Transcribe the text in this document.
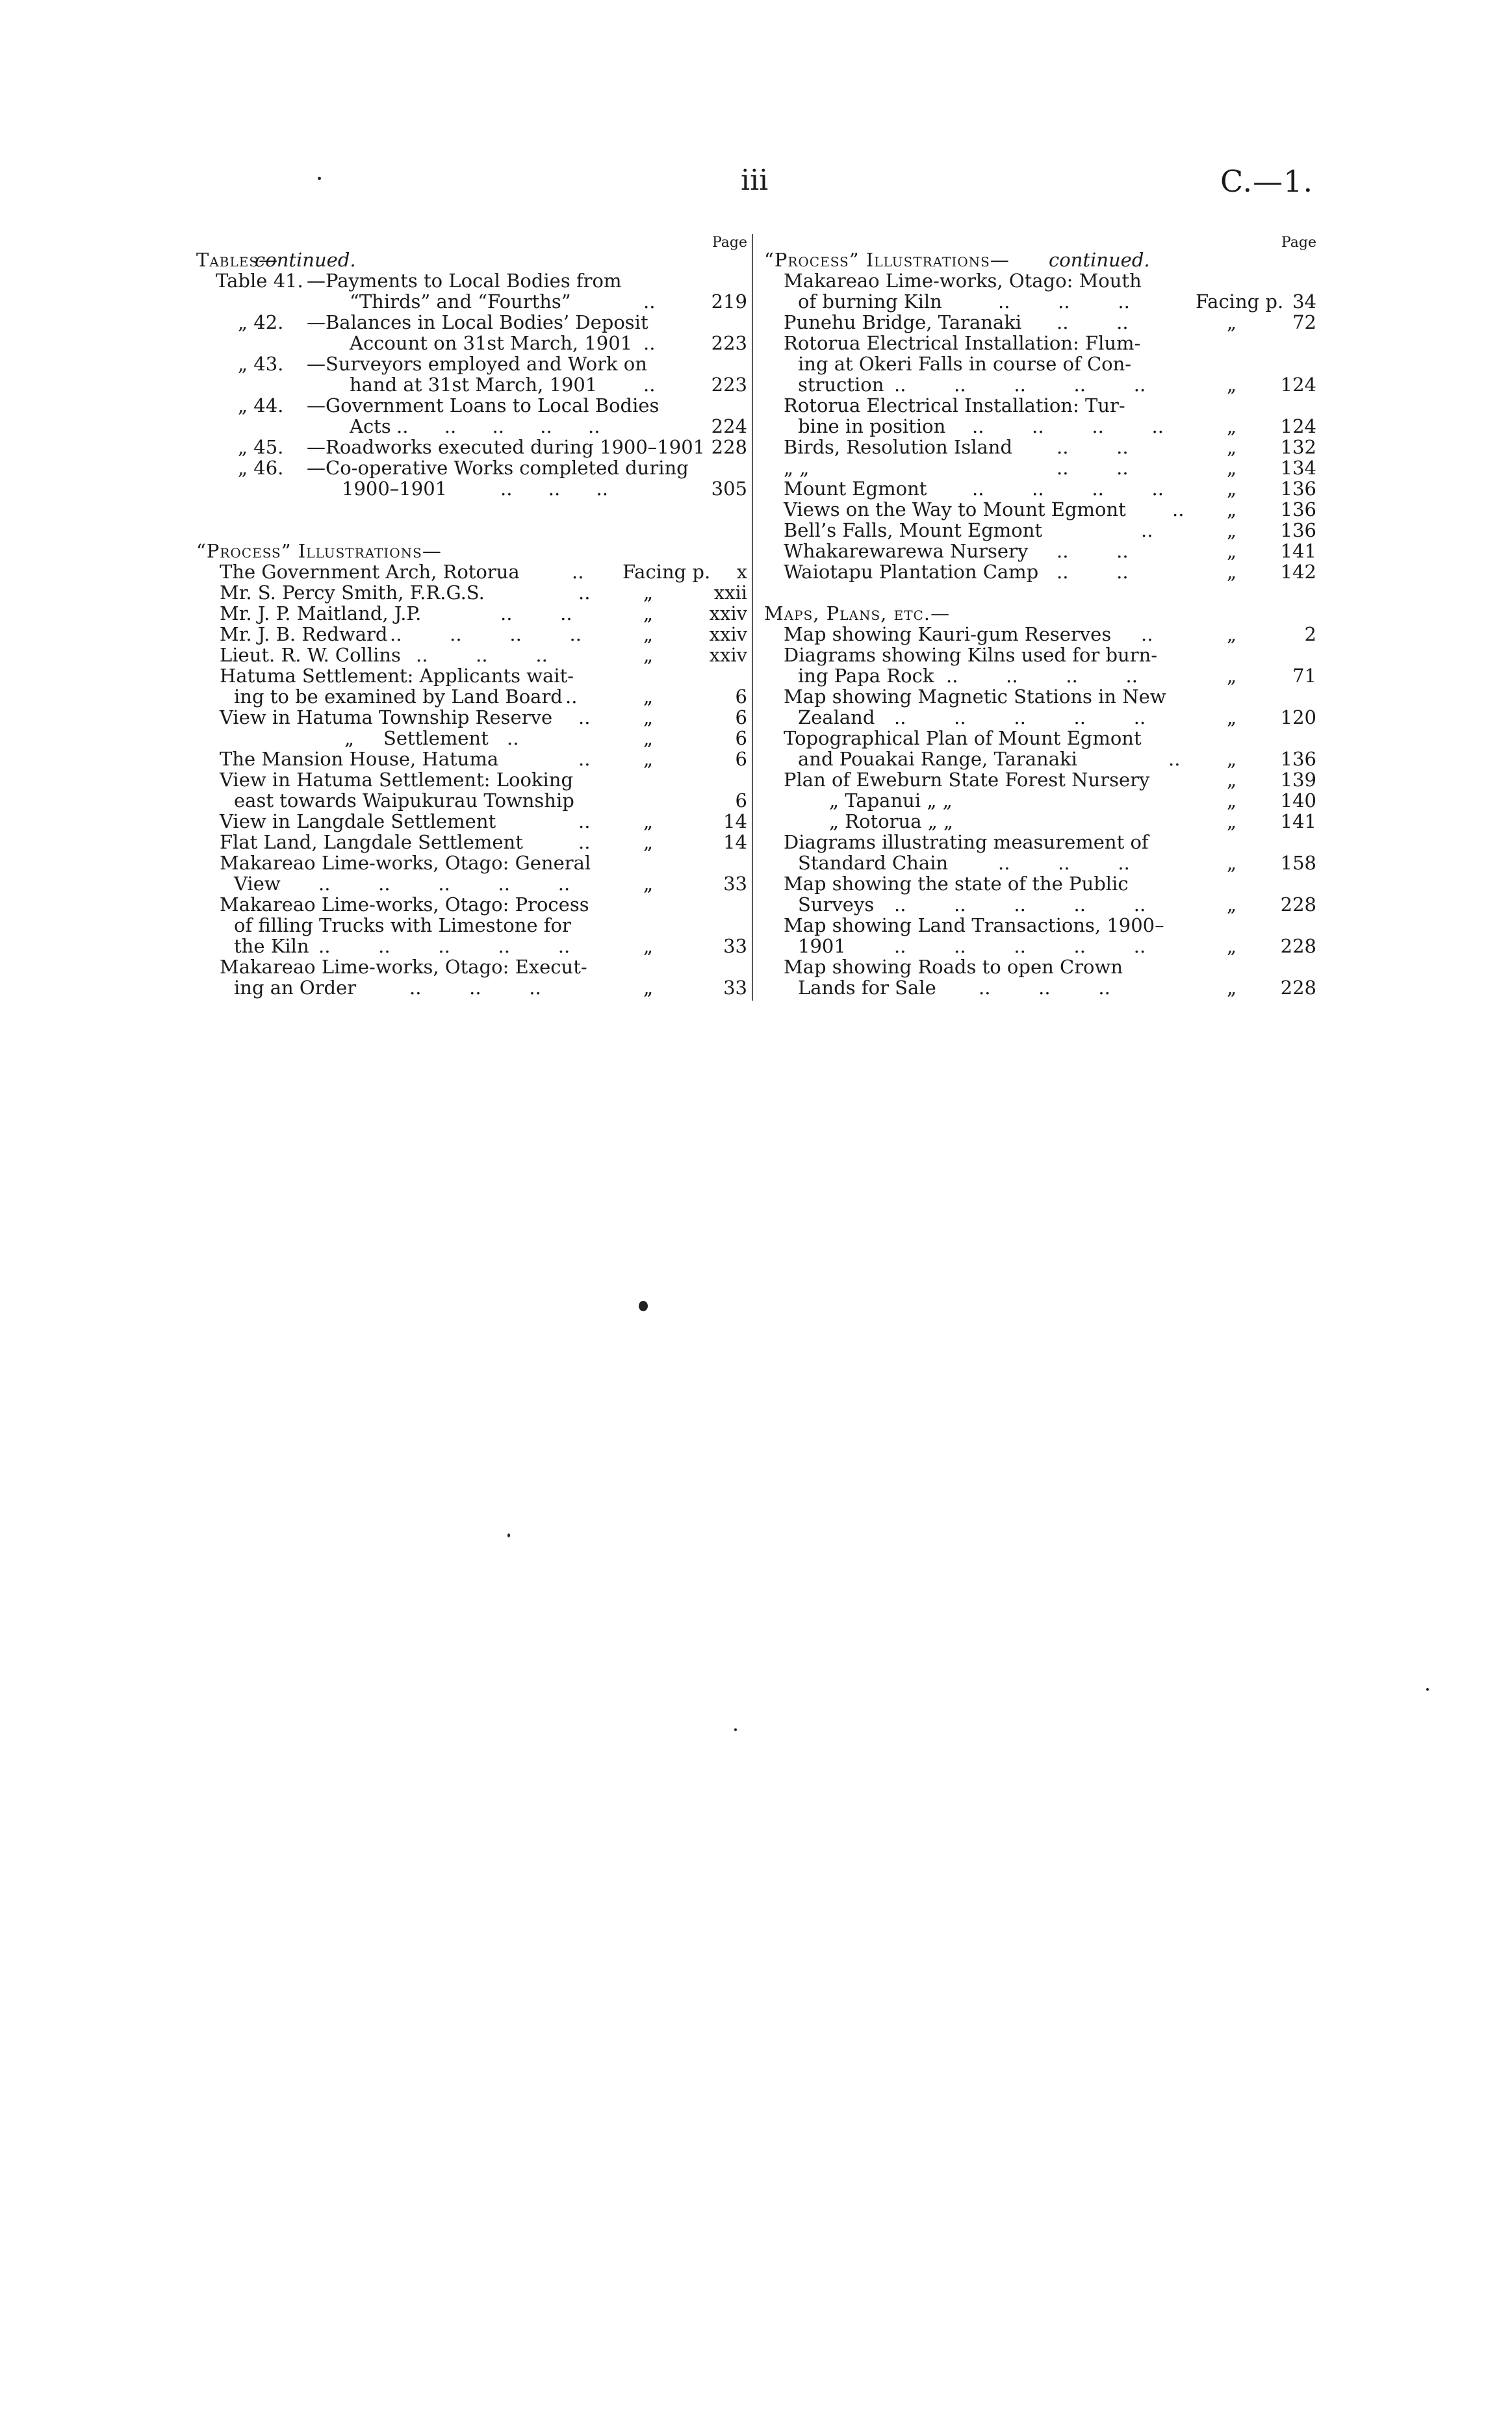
iii	C.—1.
Page
Tables—
continued.
Table 41. —Payments to Local Bodies from
“Thirds” and “Fourths”	..	219
„ 42. —Balances in Local Bodies’ Deposit
Account on 31st March, 1901 ..	223
„ 43. —Surveyors employed and Work on
hand at 31st March, 1901 ..	223
„ 44. —Government Loans to Local Bodies
Acts ..      ..      ..      ..      ..	224
„ 45. —Roadworks executed during 1900–1901 228
„ 46. —Co-operative Works completed during
1900–1901	..      ..      ..	305
“Process” Illustrations—
The Government Arch, Rotorua	.. Facing p. x
Mr. S. Percy Smith, F.R.G.S.	..	„	xxii
Mr. J. P. Maitland, J.P.	..        ..	„	xxiv
Mr. J. B. Redward ..        ..        ..        ..	„	xxiv
Lieut. R. W. Collins ..        ..        ..	„	xxiv
Hatuma Settlement: Applicants wait-
ing to be examined by Land Board ..	„	6
View in Hatuma Township Reserve ..	„	6
„ Settlement ..	„	6
The Mansion House, Hatuma	..	„	6
View in Hatuma Settlement: Looking
east towards Waipukurau Township	6
View in Langdale Settlement	..	„	14
Flat Land, Langdale Settlement	..	„	14
Makareao Lime-works, Otago: General
View ..        ..        ..        ..        ..	„	33
Makareao Lime-works, Otago: Process
of filling Trucks with Limestone for
the Kiln ..        ..        ..        ..        ..	„	33
Makareao Lime-works, Otago: Execut-
ing an Order	..        ..        ..	„	33
Page
“Process” Illustrations— continued.
Makareao Lime-works, Otago: Mouth
of burning Kiln	..        ..        ..	Facing p. 34
Punehu Bridge, Taranaki ..        ..	„	72
Rotorua Electrical Installation: Flum-
ing at Okeri Falls in course of Con-
struction ..        ..        ..        ..        ..	„ 124
Rotorua Electrical Installation: Tur-
bine in position ..        ..        ..        ..	„ 124
Birds, Resolution Island ..        ..	„ 132
„ „	..        ..	„ 134
Mount Egmont ..        ..        ..        ..	„ 136
Views on the Way to Mount Egmont .. „ 136
Bell’s Falls, Mount Egmont	..	„ 136
Whakarewarewa Nursery ..        ..	„ 141
Waiotapu Plantation Camp ..        ..	„ 142
Maps, Plans, etc.—
Map showing Kauri-gum Reserves ..	„	2
Diagrams showing Kilns used for burn-
ing Papa Rock ..        ..        ..        ..	„	71
Map showing Magnetic Stations in New
Zealand ..        ..        ..        ..        ..	„ 120
Topographical Plan of Mount Egmont
and Pouakai Range, Taranaki	.. „ 136
Plan of Eweburn State Forest Nursery	„ 139
„ Tapanui „ „	„ 140
„ Rotorua „ „	„ 141
Diagrams illustrating measurement of
Standard Chain	..        ..        ..	„ 158
Map showing the state of the Public
Surveys ..        ..        ..        ..        ..	„ 228
Map showing Land Transactions, 1900–
1901	..        ..        ..        ..        ..	„ 228
Map showing Roads to open Crown
Lands for Sale ..        ..        ..	„ 228
